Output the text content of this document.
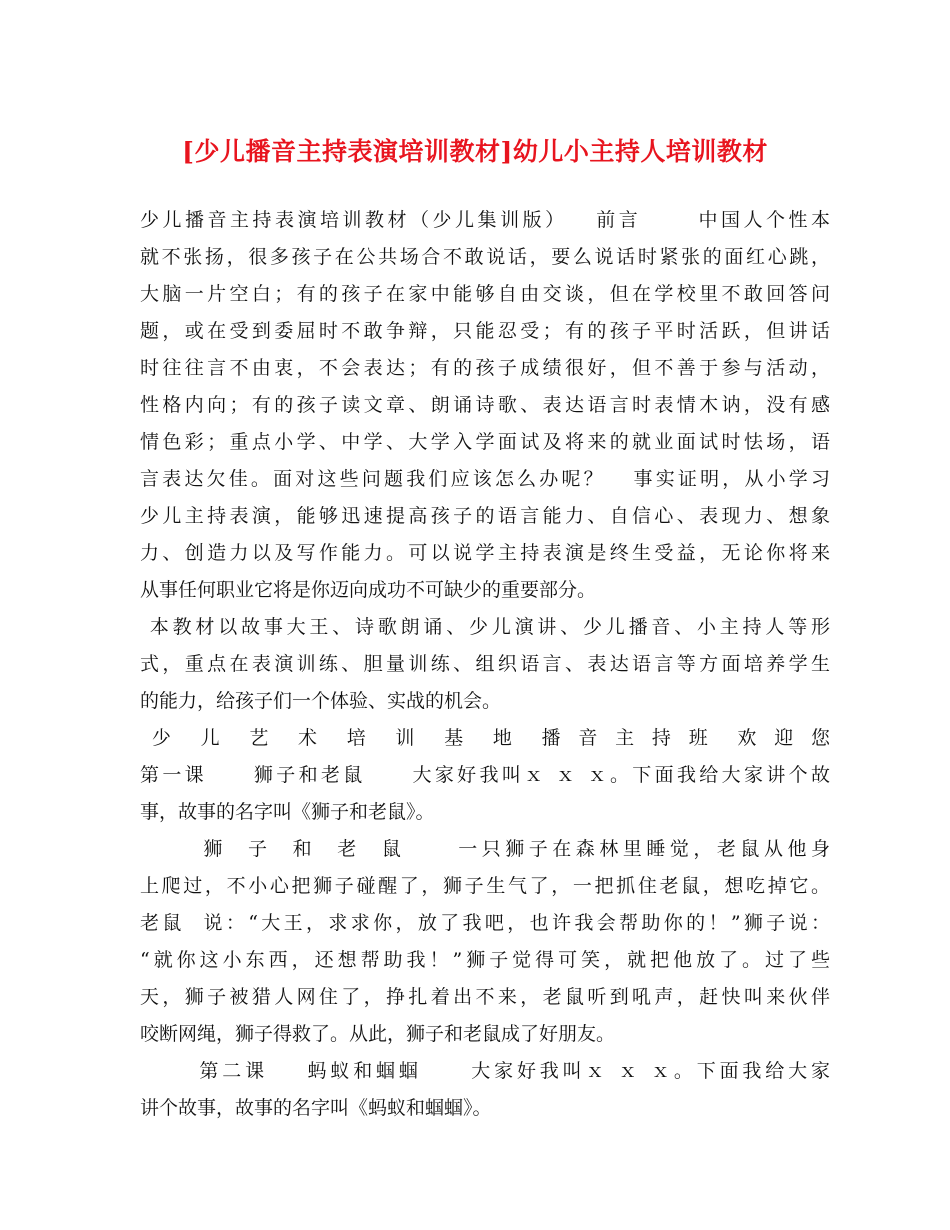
[少儿播音主持表演培训教材]幼儿小主持人培训教材
少儿播音主持表演培训教材（少儿集训版）   前言      中国人个性本
就不张扬，很多孩子在公共场合不敢说话，要么说话时紧张的面红心跳，
大脑一片空白；有的孩子在家中能够自由交谈，但在学校里不敢回答问
题，或在受到委屈时不敢争辩，只能忍受；有的孩子平时活跃，但讲话
时往往言不由衷，不会表达；有的孩子成绩很好，但不善于参与活动，
性格内向；有的孩子读文章、朗诵诗歌、表达语言时表情木讷，没有感
情色彩；重点小学、中学、大学入学面试及将来的就业面试时怯场，语
言表达欠佳。面对这些问题我们应该怎么办呢？   事实证明，从小学习
少儿主持表演，能够迅速提高孩子的语言能力、自信心、表现力、想象
力、创造力以及写作能力。可以说学主持表演是终生受益，无论你将来
从事任何职业它将是你迈向成功不可缺少的重要部分。
本教材以故事大王、诗歌朗诵、少儿演讲、少儿播音、小主持人等形
式，重点在表演训练、胆量训练、组织语言、表达语言等方面培养学生
的能力，给孩子们一个体验、实战的机会。
少  儿  艺  术  培  训  基  地  播 音 主 持 班  欢 迎 您
第一课     狮子和老鼠     大家好我叫ｘ ｘ ｘ。下面我给大家讲个故
事，故事的名字叫《狮子和老鼠》。
狮  子  和  老  鼠     一只狮子在森林里睡觉，老鼠从他身
上爬过，不小心把狮子碰醒了，狮子生气了，一把抓住老鼠，想吃掉它。
老鼠  说：“大王，求求你，放了我吧，也许我会帮助你的！”狮子说：
“就你这小东西，还想帮助我！”狮子觉得可笑，就把他放了。过了些
天，狮子被猎人网住了，挣扎着出不来，老鼠听到吼声，赶快叫来伙伴
咬断网绳，狮子得救了。从此，狮子和老鼠成了好朋友。
第二课    蚂蚁和蝈蝈     大家好我叫ｘ ｘ ｘ。下面我给大家
讲个故事，故事的名字叫《蚂蚁和蝈蝈》。
